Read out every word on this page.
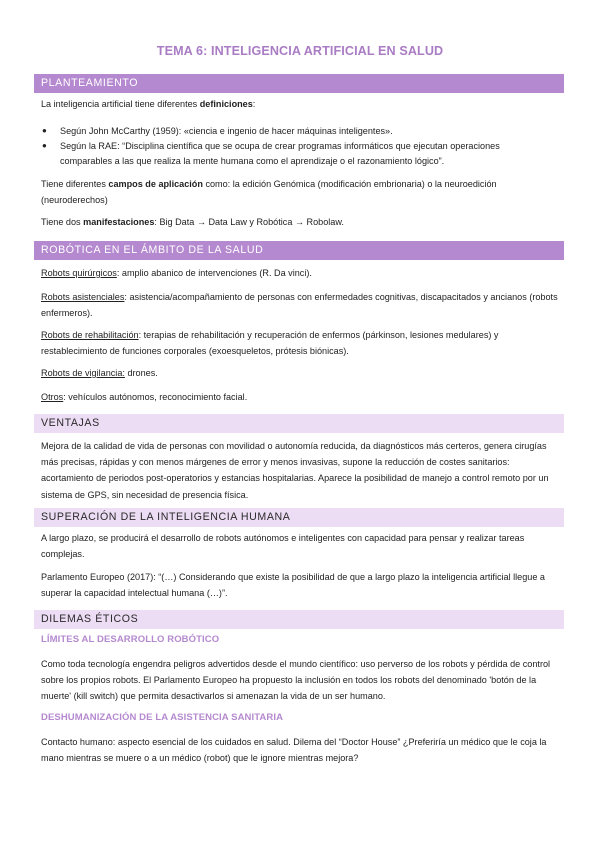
TEMA 6: INTELIGENCIA ARTIFICIAL EN SALUD
PLANTEAMIENTO

La inteligencia artificial tiene diferentes definiciones:

● Según John McCarthy (1959): «ciencia e ingenio de hacer máquinas inteligentes».
● Según la RAE: “Disciplina científica que se ocupa de crear programas informáticos que ejecutan operaciones comparables a las que realiza la mente humana como el aprendizaje o el razonamiento lógico”.

Tiene diferentes campos de aplicación como: la edición Genómica (modificación embrionaria) o la neuroedición (neuroderechos)

Tiene dos manifestaciones: Big Data → Data Law y Robótica → Robolaw.

ROBÓTICA EN EL ÁMBITO DE LA SALUD

Robots quirúrgicos: amplio abanico de intervenciones (R. Da vinci).

Robots asistenciales: asistencia/acompañamiento de personas con enfermedades cognitivas, discapacitados y ancianos (robots enfermeros).

Robots de rehabilitación: terapias de rehabilitación y recuperación de enfermos (párkinson, lesiones medulares) y restablecimiento de funciones corporales (exoesqueletos, prótesis biónicas).

Robots de vigilancia: drones.

Otros: vehículos autónomos, reconocimiento facial.

VENTAJAS

Mejora de la calidad de vida de personas con movilidad o autonomía reducida, da diagnósticos más certeros, genera cirugías más precisas, rápidas y con menos márgenes de error y menos invasivas, supone la reducción de costes sanitarios: acortamiento de periodos post-operatorios y estancias hospitalarias. Aparece la posibilidad de manejo a control remoto por un sistema de GPS, sin necesidad de presencia física.

SUPERACIÓN DE LA INTELIGENCIA HUMANA

A largo plazo, se producirá el desarrollo de robots autónomos e inteligentes con capacidad para pensar y realizar tareas complejas.

Parlamento Europeo (2017): “(…) Considerando que existe la posibilidad de que a largo plazo la inteligencia artificial llegue a superar la capacidad intelectual humana (…)”.

DILEMAS ÉTICOS
LÍMITES AL DESARROLLO ROBÓTICO

Como toda tecnología engendra peligros advertidos desde el mundo científico: uso perverso de los robots y pérdida de control sobre los propios robots. El Parlamento Europeo ha propuesto la inclusión en todos los robots del denominado 'botón de la muerte' (kill switch) que permita desactivarlos si amenazan la vida de un ser humano.

DESHUMANIZACIÓN DE LA ASISTENCIA SANITARIA

Contacto humano: aspecto esencial de los cuidados en salud. Dilema del “Doctor House” ¿Preferiría un médico que le coja la mano mientras se muere o a un médico (robot) que le ignore mientras mejora?
